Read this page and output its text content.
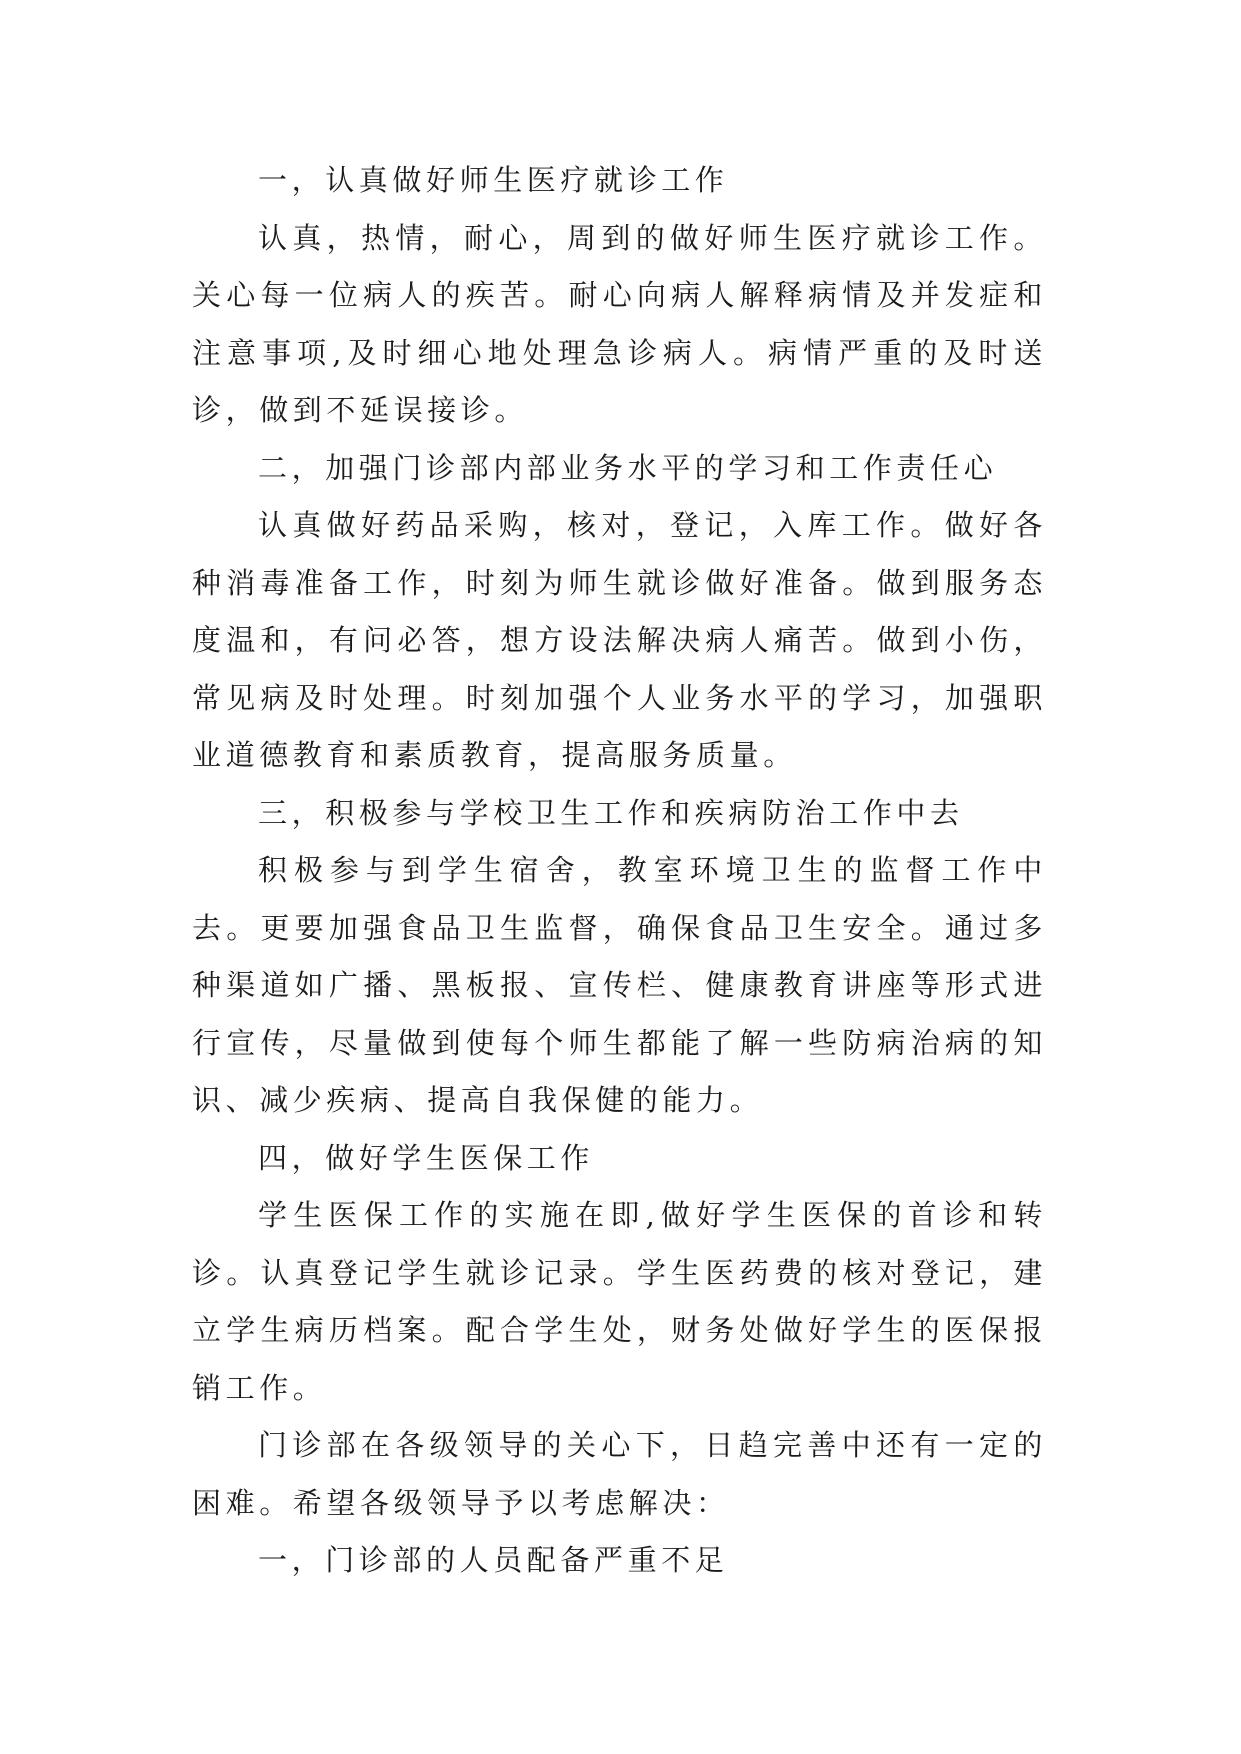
一，认真做好师生医疗就诊工作

认真，热情，耐心，周到的做好师生医疗就诊工作。关心每一位病人的疾苦。耐心向病人解释病情及并发症和注意事项,及时细心地处理急诊病人。病情严重的及时送诊，做到不延误接诊。

二，加强门诊部内部业务水平的学习和工作责任心

认真做好药品采购，核对，登记，入库工作。做好各种消毒准备工作，时刻为师生就诊做好准备。做到服务态度温和，有问必答，想方设法解决病人痛苦。做到小伤，常见病及时处理。时刻加强个人业务水平的学习，加强职业道德教育和素质教育，提高服务质量。

三，积极参与学校卫生工作和疾病防治工作中去

积极参与到学生宿舍，教室环境卫生的监督工作中去。更要加强食品卫生监督，确保食品卫生安全。通过多种渠道如广播、黑板报、宣传栏、健康教育讲座等形式进行宣传，尽量做到使每个师生都能了解一些防病治病的知识、减少疾病、提高自我保健的能力。

四，做好学生医保工作

学生医保工作的实施在即,做好学生医保的首诊和转诊。认真登记学生就诊记录。学生医药费的核对登记，建立学生病历档案。配合学生处，财务处做好学生的医保报销工作。

门诊部在各级领导的关心下，日趋完善中还有一定的困难。希望各级领导予以考虑解决：

一，门诊部的人员配备严重不足
